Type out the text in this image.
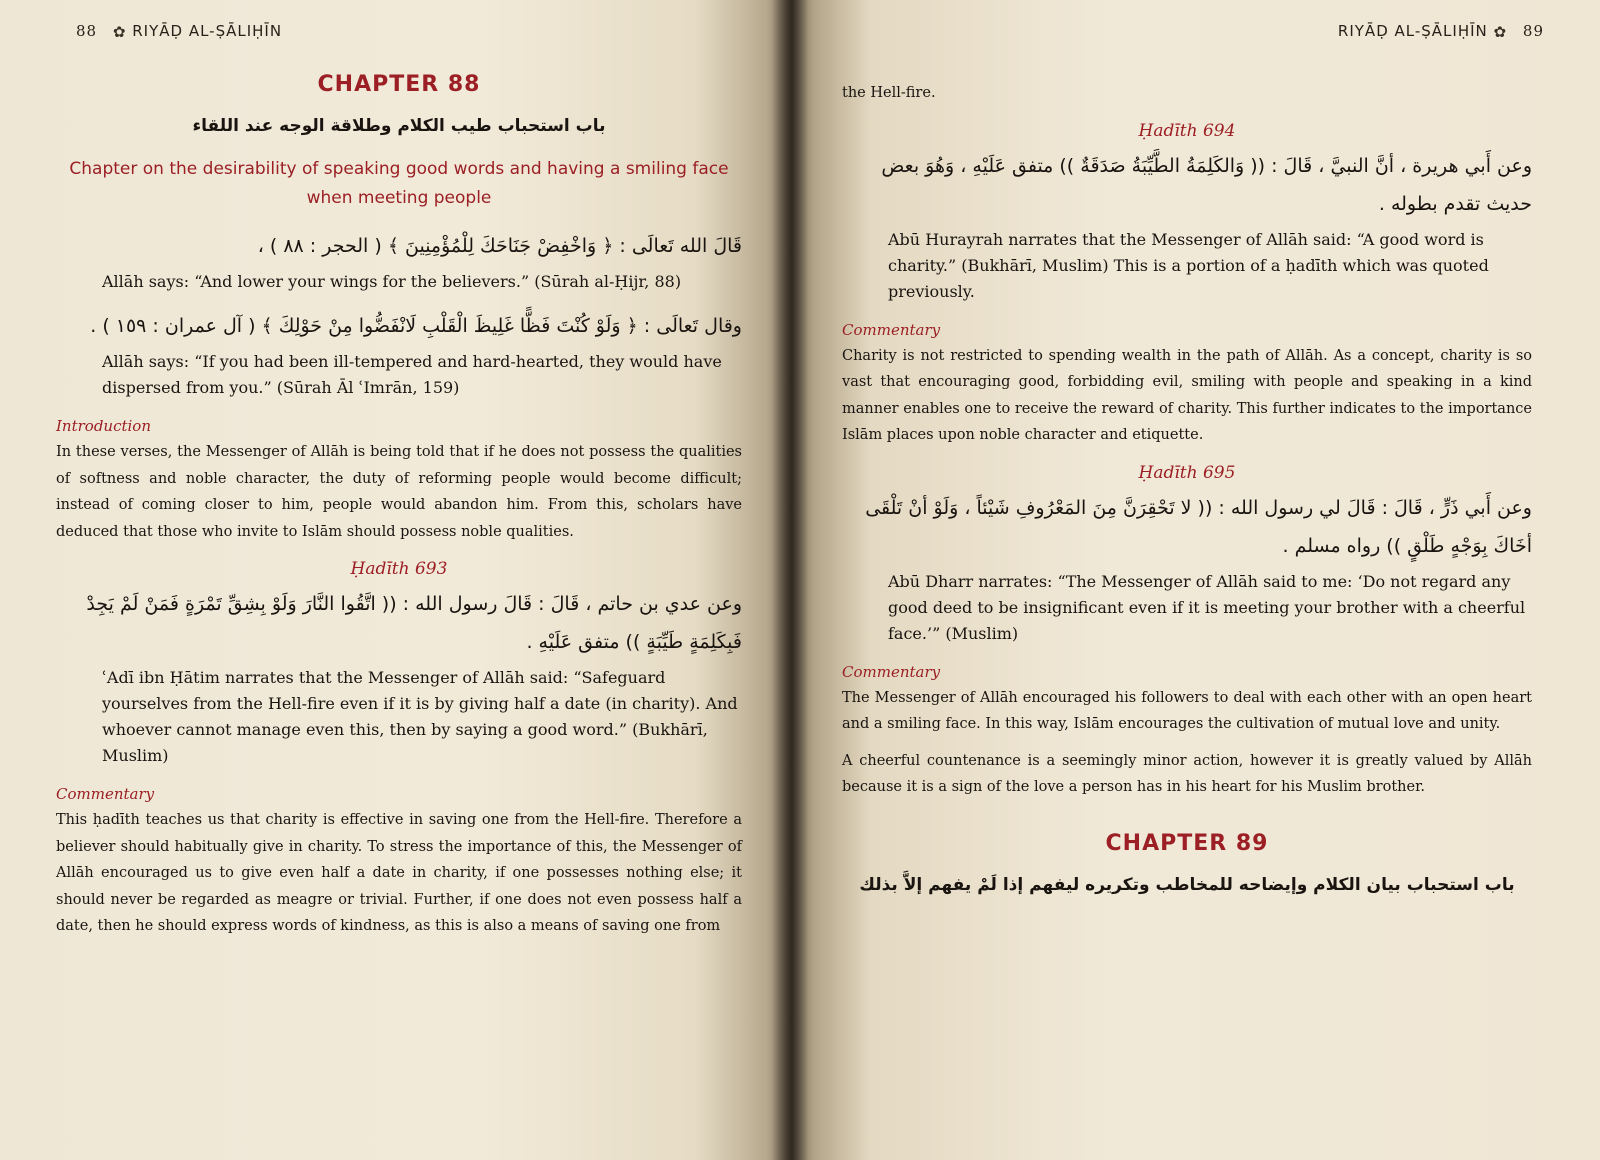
88 ✿ RIYĀḌ AL-ṢĀLIḤĪN
CHAPTER 88
باب استحباب طيب الكلام وطلاقة الوجه عند اللقاء
Chapter on the desirability of speaking good words and having a smiling face when meeting people
قَالَ الله تَعالَى : ﴿ وَاخْفِضْ جَنَاحَكَ لِلْمُؤْمِنِينَ ﴾ ( الحجر : ٨٨ ) ،
Allāh says: “And lower your wings for the believers.” (Sūrah al-Ḥijr, 88)
وقال تَعالَى : ﴿ وَلَوْ كُنْتَ فَظًّا غَلِيظَ الْقَلْبِ لَانْفَضُّوا مِنْ حَوْلِكَ ﴾ ( آل عمران : ١٥٩ ) .
Allāh says: “If you had been ill-tempered and hard-hearted, they would have dispersed from you.” (Sūrah Āl ʿImrān, 159)
Introduction
In these verses, the Messenger of Allāh is being told that if he does not possess the qualities of softness and noble character, the duty of reforming people would become difficult; instead of coming closer to him, people would abandon him. From this, scholars have deduced that those who invite to Islām should possess noble qualities.
Ḥadīth 693
وعن عدي بن حاتم ، قَالَ : قَالَ رسول الله : (( اتَّقُوا النَّارَ وَلَوْ بِشِقِّ تَمْرَةٍ فَمَنْ لَمْ يَجِدْ فَبِكَلِمَةٍ طَيِّبَةٍ )) متفق عَلَيْهِ .
ʿAdī ibn Ḥātim narrates that the Messenger of Allāh said: “Safeguard yourselves from the Hell-fire even if it is by giving half a date (in charity). And whoever cannot manage even this, then by saying a good word.” (Bukhārī, Muslim)
Commentary
This ḥadīth teaches us that charity is effective in saving one from the Hell-fire. Therefore a believer should habitually give in charity. To stress the importance of this, the Messenger of Allāh encouraged us to give even half a date in charity, if one possesses nothing else; it should never be regarded as meagre or trivial. Further, if one does not even possess half a date, then he should express words of kindness, as this is also a means of saving one from
RIYĀḌ AL-ṢĀLIḤĪN ✿ 89
the Hell-fire.
Ḥadīth 694
وعن أَبي هريرة ، أنَّ النبيَّ ، قَالَ : (( وَالكَلِمَةُ الطَّيِّبَةُ صَدَقَةٌ )) متفق عَلَيْهِ ، وَهُوَ بعض حديث تقدم بطوله .
Abū Hurayrah narrates that the Messenger of Allāh said: “A good word is charity.” (Bukhārī, Muslim) This is a portion of a ḥadīth which was quoted previously.
Commentary
Charity is not restricted to spending wealth in the path of Allāh. As a concept, charity is so vast that encouraging good, forbidding evil, smiling with people and speaking in a kind manner enables one to receive the reward of charity. This further indicates to the importance Islām places upon noble character and etiquette.
Ḥadīth 695
وعن أَبي ذَرٍّ ، قَالَ : قَالَ لي رسول الله : (( لا تَحْقِرَنَّ مِنَ المَعْرُوفِ شَيْئاً ، وَلَوْ أنْ تَلْقَى أخَاكَ بِوَجْهٍ طَلْقٍ )) رواه مسلم .
Abū Dharr narrates: “The Messenger of Allāh said to me: ‘Do not regard any good deed to be insignificant even if it is meeting your brother with a cheerful face.’” (Muslim)
Commentary
The Messenger of Allāh encouraged his followers to deal with each other with an open heart and a smiling face. In this way, Islām encourages the cultivation of mutual love and unity.
A cheerful countenance is a seemingly minor action, however it is greatly valued by Allāh because it is a sign of the love a person has in his heart for his Muslim brother.
CHAPTER 89
باب استحباب بيان الكلام وإيضاحه للمخاطب وتكريره ليفهم إذا لَمْ يفهم إلاَّ بذلك
